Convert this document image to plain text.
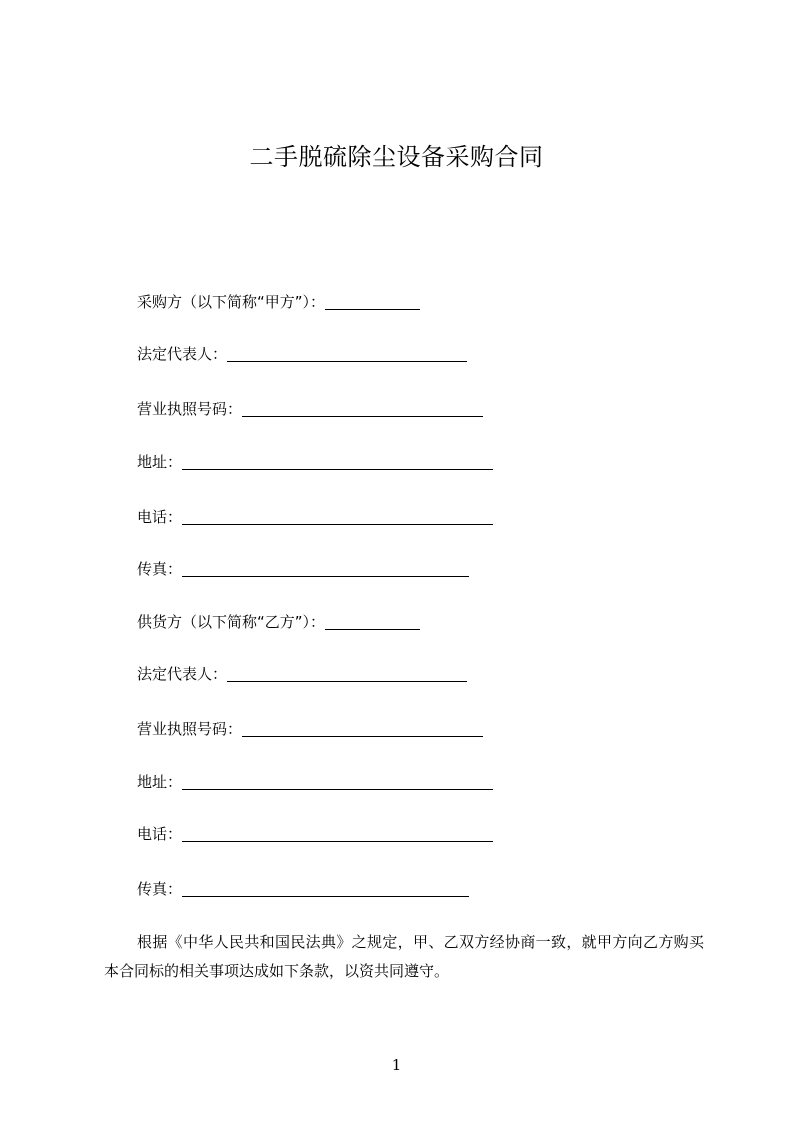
二手脱硫除尘设备采购合同
采购方（以下简称“甲方”）：
法定代表人：
营业执照号码：
地址：
电话：
传真：
供货方（以下简称“乙方”）：
法定代表人：
营业执照号码：
地址：
电话：
传真：
根据《中华人民共和国民法典》之规定，甲、乙双方经协商一致，就甲方向乙方购买本合同标的相关事项达成如下条款，以资共同遵守。
1
